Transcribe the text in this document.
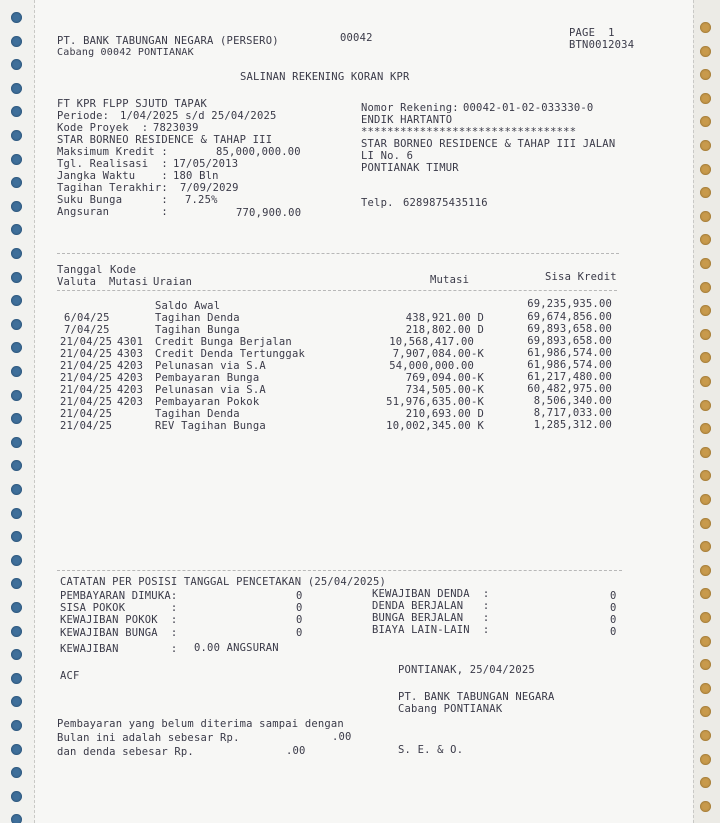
PT. BANK TABUNGAN NEGARA (PERSERO)
Cabang 00042 PONTIANAK
00042	PAGE  1
BTN0012034
SALINAN REKENING KORAN KPR
FT KPR FLPP SJUTD TAPAK
Periode: 1/04/2025 s/d 25/04/2025
Kode Proyek  :
7823039
STAR BORNEO RESIDENCE & TAHAP III
Maksimum Kredit :	85,000,000.00
Tgl. Realisasi  :
17/05/2013
Jangka Waktu    :
180 Bln
Tagihan Terakhir: 7/09/2029
Suku Bunga      : 7.25%
Angsuran        :	770,900.00
Nomor Rekening:
00042-01-02-033330-0
ENDIK HARTANTO
*********************************
STAR BORNEO RESIDENCE & TAHAP III JALAN
LI No. 6
PONTIANAK TIMUR
Telp. 6289875435116
Tanggal Kode
Valuta Mutasi Uraian	Mutasi	Sisa Kredit
Saldo Awal	69,235,935.00
6/04/25	Tagihan Denda	438,921.00 D	69,674,856.00
7/04/25	Tagihan Bunga	218,802.00 D	69,893,658.00
21/04/25 4301 Credit Bunga Berjalan	10,568,417.00	69,893,658.00
21/04/25 4303 Credit Denda Tertunggak	7,907,084.00-K	61,986,574.00
21/04/25 4203 Pelunasan via S.A	54,000,000.00	61,986,574.00
21/04/25 4203 Pembayaran Bunga	769,094.00-K	61,217,480.00
21/04/25 4203 Pelunasan via S.A	734,505.00-K	60,482,975.00
21/04/25 4203 Pembayaran Pokok	51,976,635.00-K	8,506,340.00
21/04/25	Tagihan Denda	210,693.00 D	8,717,033.00
21/04/25	REV Tagihan Bunga	10,002,345.00 K	1,285,312.00
CATATAN PER POSISI TANGGAL PENCETAKAN (25/04/2025)
PEMBAYARAN DIMUKA:	0
SISA POKOK       :	0
KEWAJIBAN POKOK  :	0
KEWAJIBAN BUNGA  :	0
KEWAJIBAN DENDA  :	0
DENDA BERJALAN   :	0
BUNGA BERJALAN   :	0
BIAYA LAIN-LAIN  :	0
KEWAJIBAN        : 0.00 ANGSURAN
ACF	PONTIANAK, 25/04/2025
PT. BANK TABUNGAN NEGARA
Cabang PONTIANAK
Pembayaran yang belum diterima sampai dengan
Bulan ini adalah sebesar Rp.	.00
dan denda sebesar Rp.	.00	S. E. & O.
